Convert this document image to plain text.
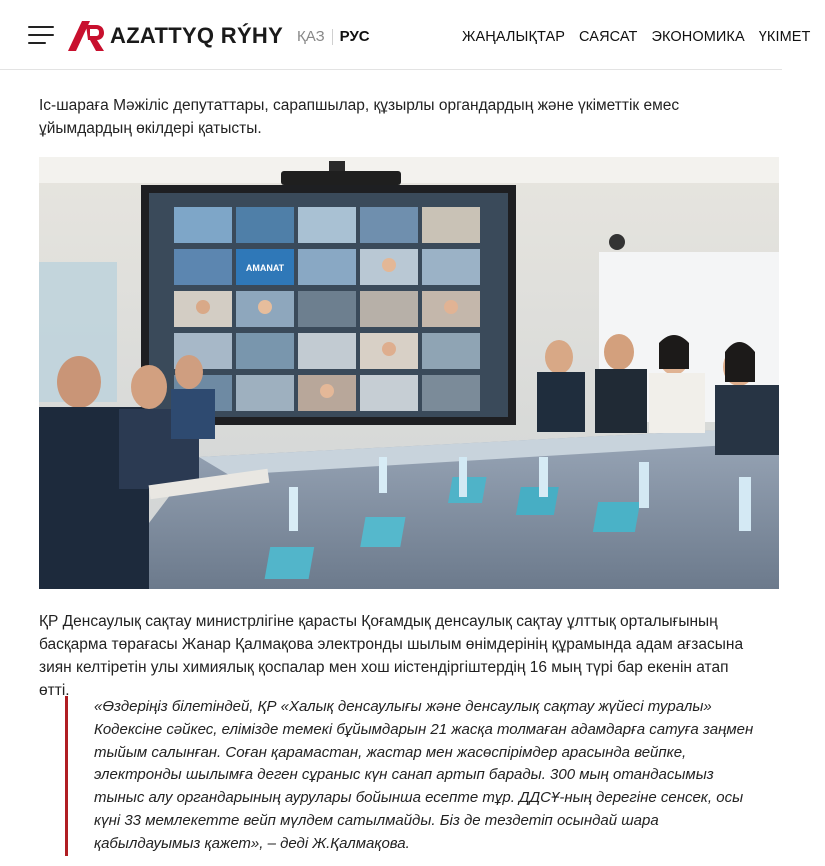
AZATTYQ RÝHY ҚАЗ РУС	ЖАҢАЛЫҚТАР САЯСАТ ЭКОНОМИКА ҮКІМЕТ

Іс-шараға Мәжіліс депутаттары, сарапшылар, құзырлы органдардың және үкіметтік емес ұйымдардың өкілдері қатысты.

AMANAT

ҚР Денсаулық сақтау министрлігіне қарасты Қоғамдық денсаулық сақтау ұлттық орталығының басқарма төрағасы Жанар Қалмақова электронды шылым өнімдерінің құрамында адам ағзасына зиян келтіретін улы химиялық қоспалар мен хош иістендіргіштердің 16 мың түрі бар екенін атап өтті.

«Өздеріңіз білетіндей, ҚР «Халық денсаулығы және денсаулық сақтау жүйесі туралы» Кодексіне сәйкес, елімізде темекі бұйымдарын 21 жасқа толмаған адамдарға сатуға заңмен тыйым салынған. Соған қарамастан, жастар мен жасөспірімдер арасында вейпке, электронды шылымға деген сұраныс күн санап артып барады. 300 мың отандасымыз тыныс алу органдарының аурулары бойынша есепте тұр. ДДСҰ-ның дерегіне сенсек, осы күні 33 мемлекетте вейп мүлдем сатылмайды. Біз де тездетіп осындай шара қабылдауымыз қажет», – деді Ж.Қалмақова.
